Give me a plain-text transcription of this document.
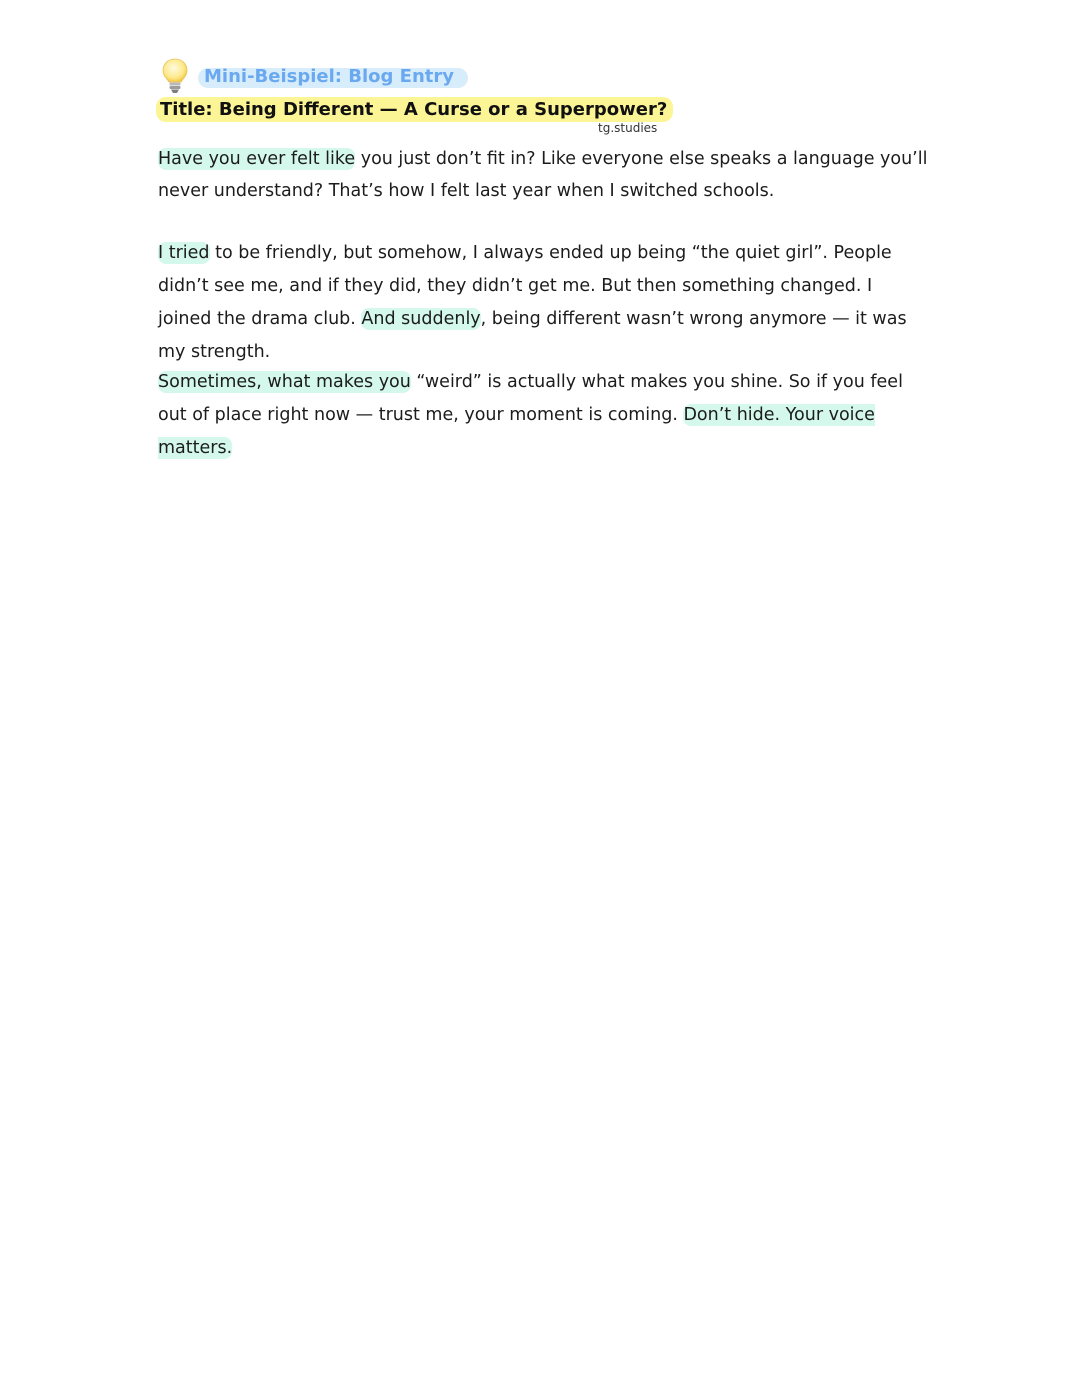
Mini-Beispiel: Blog Entry
Title: Being Different — A Curse or a Superpower?
tg.studies

Have you ever felt like you just don’t fit in? Like everyone else speaks a language you’ll never understand? That’s how I felt last year when I switched schools.

I tried to be friendly, but somehow, I always ended up being “the quiet girl”. People didn’t see me, and if they did, they didn’t get me. But then something changed. I joined the drama club. And suddenly, being different wasn’t wrong anymore — it was my strength.

Sometimes, what makes you “weird” is actually what makes you shine. So if you feel out of place right now — trust me, your moment is coming. Don’t hide. Your voice matters.
